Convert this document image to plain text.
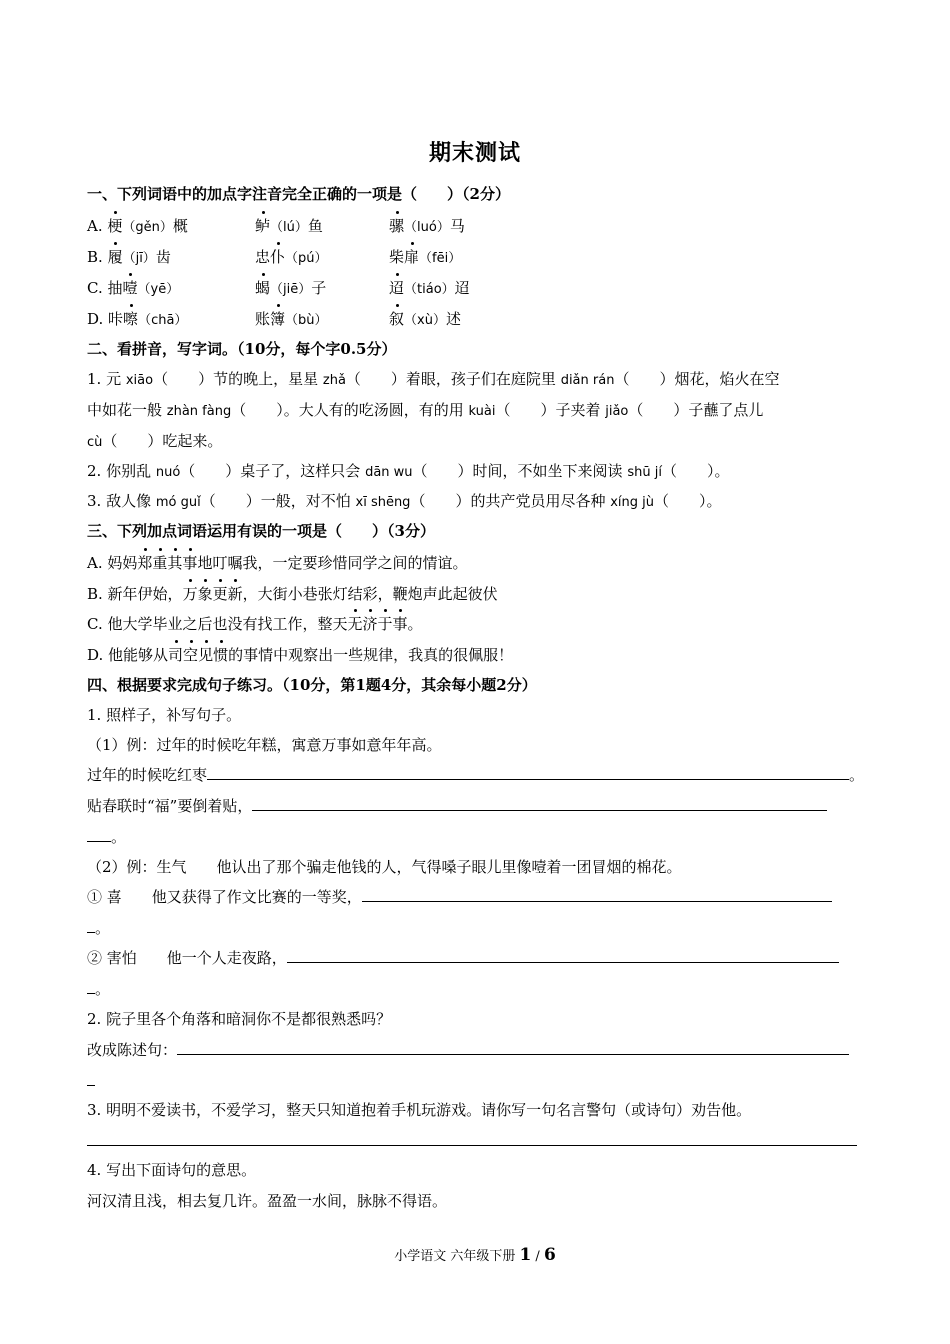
期末测试
一、下列词语中的加点字注音完全正确的一项是（　　）（2分）
A. 梗（gěn）概	鲈（lú）鱼	骡（luó）马
B. 履（jī）齿	忠仆（pú）	柴扉（fēi）
C. 抽噎（yē）	蝎（jiē）子	迢（tiáo）迢
D. 咔嚓（chā）	账簿（bù）	叙（xù）述
二、看拼音，写字词。（10分，每个字0.5分）
1. 元 xiāo（　　）节的晚上，星星 zhǎ（　　）着眼，孩子们在庭院里 diǎn rán（　　）烟花，焰火在空
中如花一般 zhàn fàng（　　）。大人有的吃汤圆，有的用 kuài（　　）子夹着 jiǎo（　　）子蘸了点儿
cù（　　）吃起来。
2. 你别乱 nuó（　　）桌子了，这样只会 dān wu（　　）时间，不如坐下来阅读 shū jí（　　）。
3. 敌人像 mó guǐ（　　）一般，对不怕 xī shēng（　　）的共产党员用尽各种 xíng jù（　　）。
三、下列加点词语运用有误的一项是（　　）（3分）
A. 妈妈郑重其事地叮嘱我，一定要珍惜同学之间的情谊。
B. 新年伊始，万象更新，大街小巷张灯结彩，鞭炮声此起彼伏
C. 他大学毕业之后也没有找工作，整天无济于事。
D. 他能够从司空见惯的事情中观察出一些规律，我真的很佩服！
四、根据要求完成句子练习。（10分，第1题4分，其余每小题2分）
1. 照样子，补写句子。
（1）例：过年的时候吃年糕，寓意万事如意年年高。
过年的时候吃红枣	。
贴春联时“福”要倒着贴，
。
（2）例：生气　　他认出了那个骗走他钱的人，气得嗓子眼儿里像噎着一团冒烟的棉花。
① 喜　　他又获得了作文比赛的一等奖，
。
② 害怕　　他一个人走夜路，
。
2. 院子里各个角落和暗洞你不是都很熟悉吗？
改成陈述句：
3. 明明不爱读书，不爱学习，整天只知道抱着手机玩游戏。请你写一句名言警句（或诗句）劝告他。
4. 写出下面诗句的意思。
河汉清且浅，相去复几许。盈盈一水间，脉脉不得语。
小学语文 六年级下册 1 / 6
